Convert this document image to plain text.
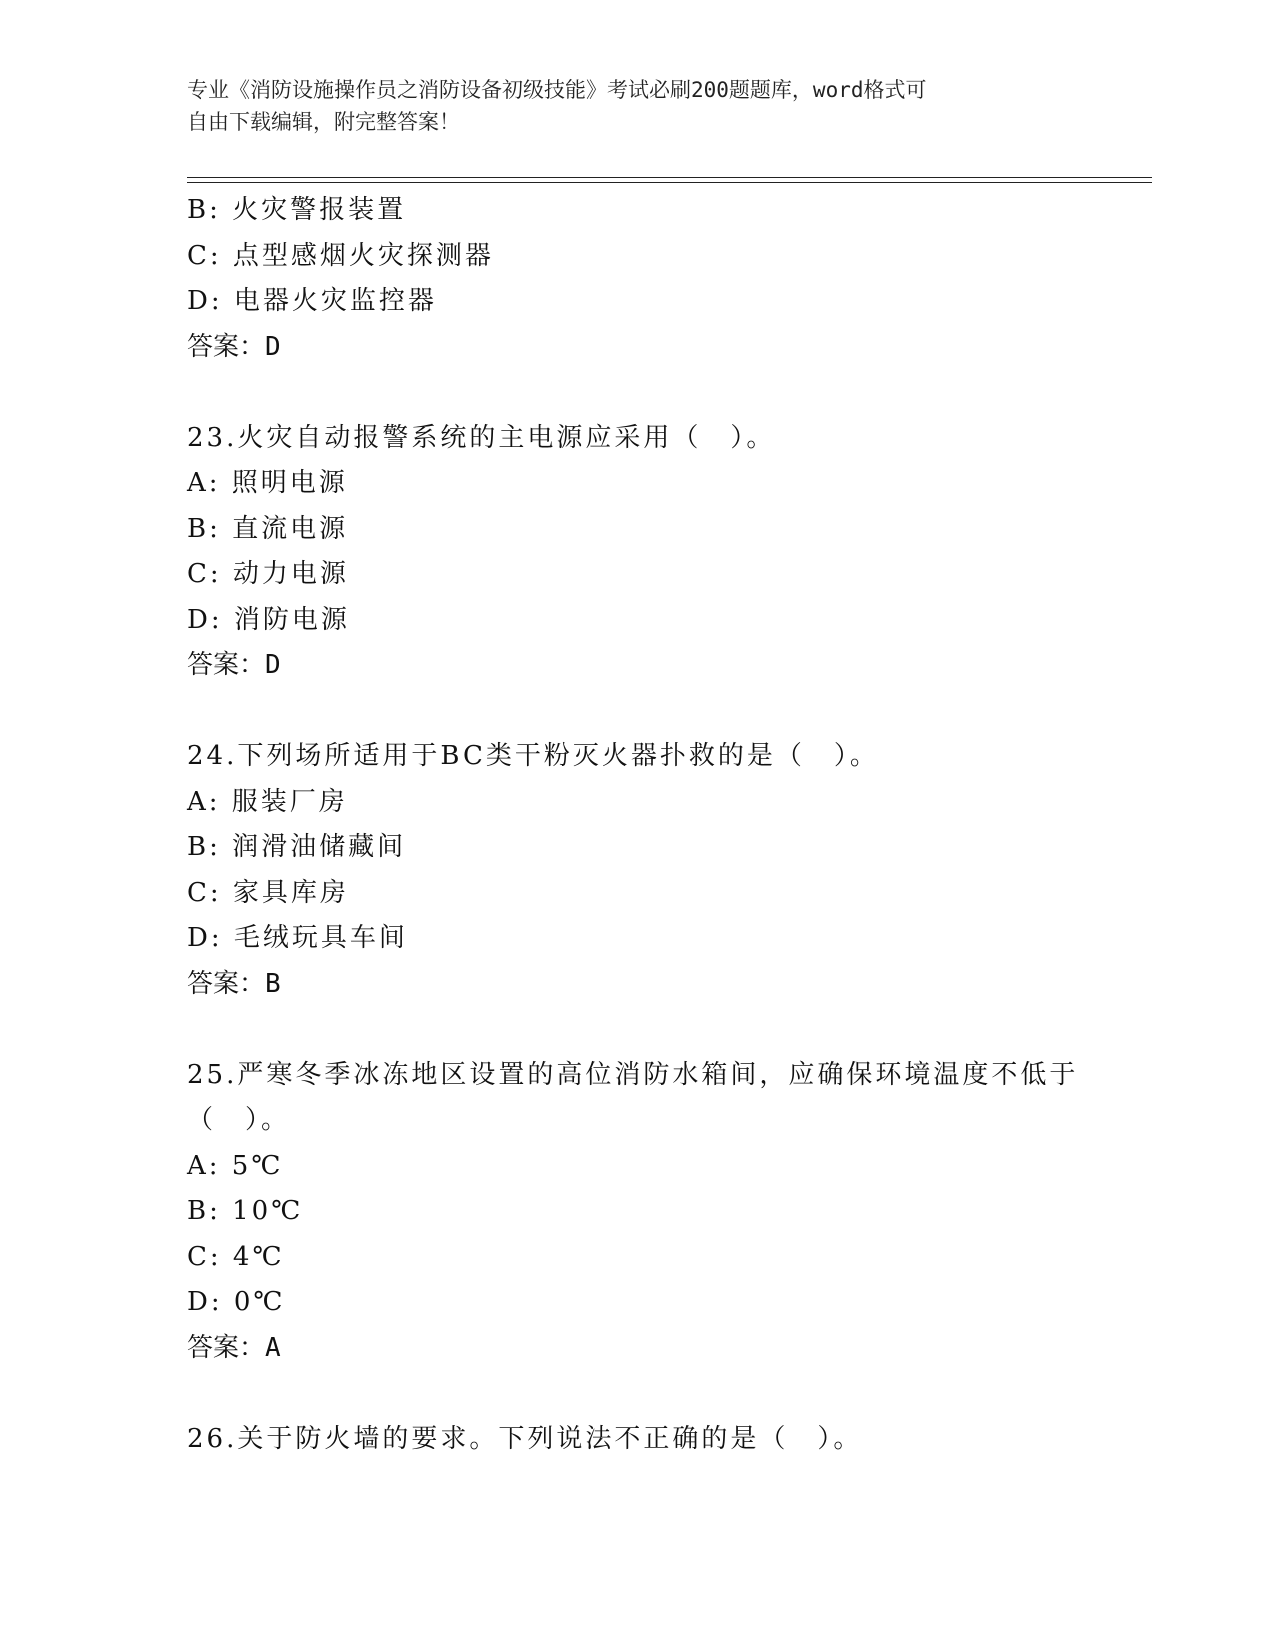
专业《消防设施操作员之消防设备初级技能》考试必刷200题题库，word格式可
自由下载编辑，附完整答案！
B: 火灾警报装置
C: 点型感烟火灾探测器
D: 电器火灾监控器
答案：D
23.火灾自动报警系统的主电源应采用（　）。
A: 照明电源
B: 直流电源
C: 动力电源
D: 消防电源
答案：D
24.下列场所适用于BC类干粉灭火器扑救的是（　）。
A: 服装厂房
B: 润滑油储藏间
C: 家具库房
D: 毛绒玩具车间
答案：B
25.严寒冬季冰冻地区设置的高位消防水箱间，应确保环境温度不低于
（　）。
A: 5℃
B: 10℃
C: 4℃
D: 0℃
答案：A
26.关于防火墙的要求。下列说法不正确的是（　）。
